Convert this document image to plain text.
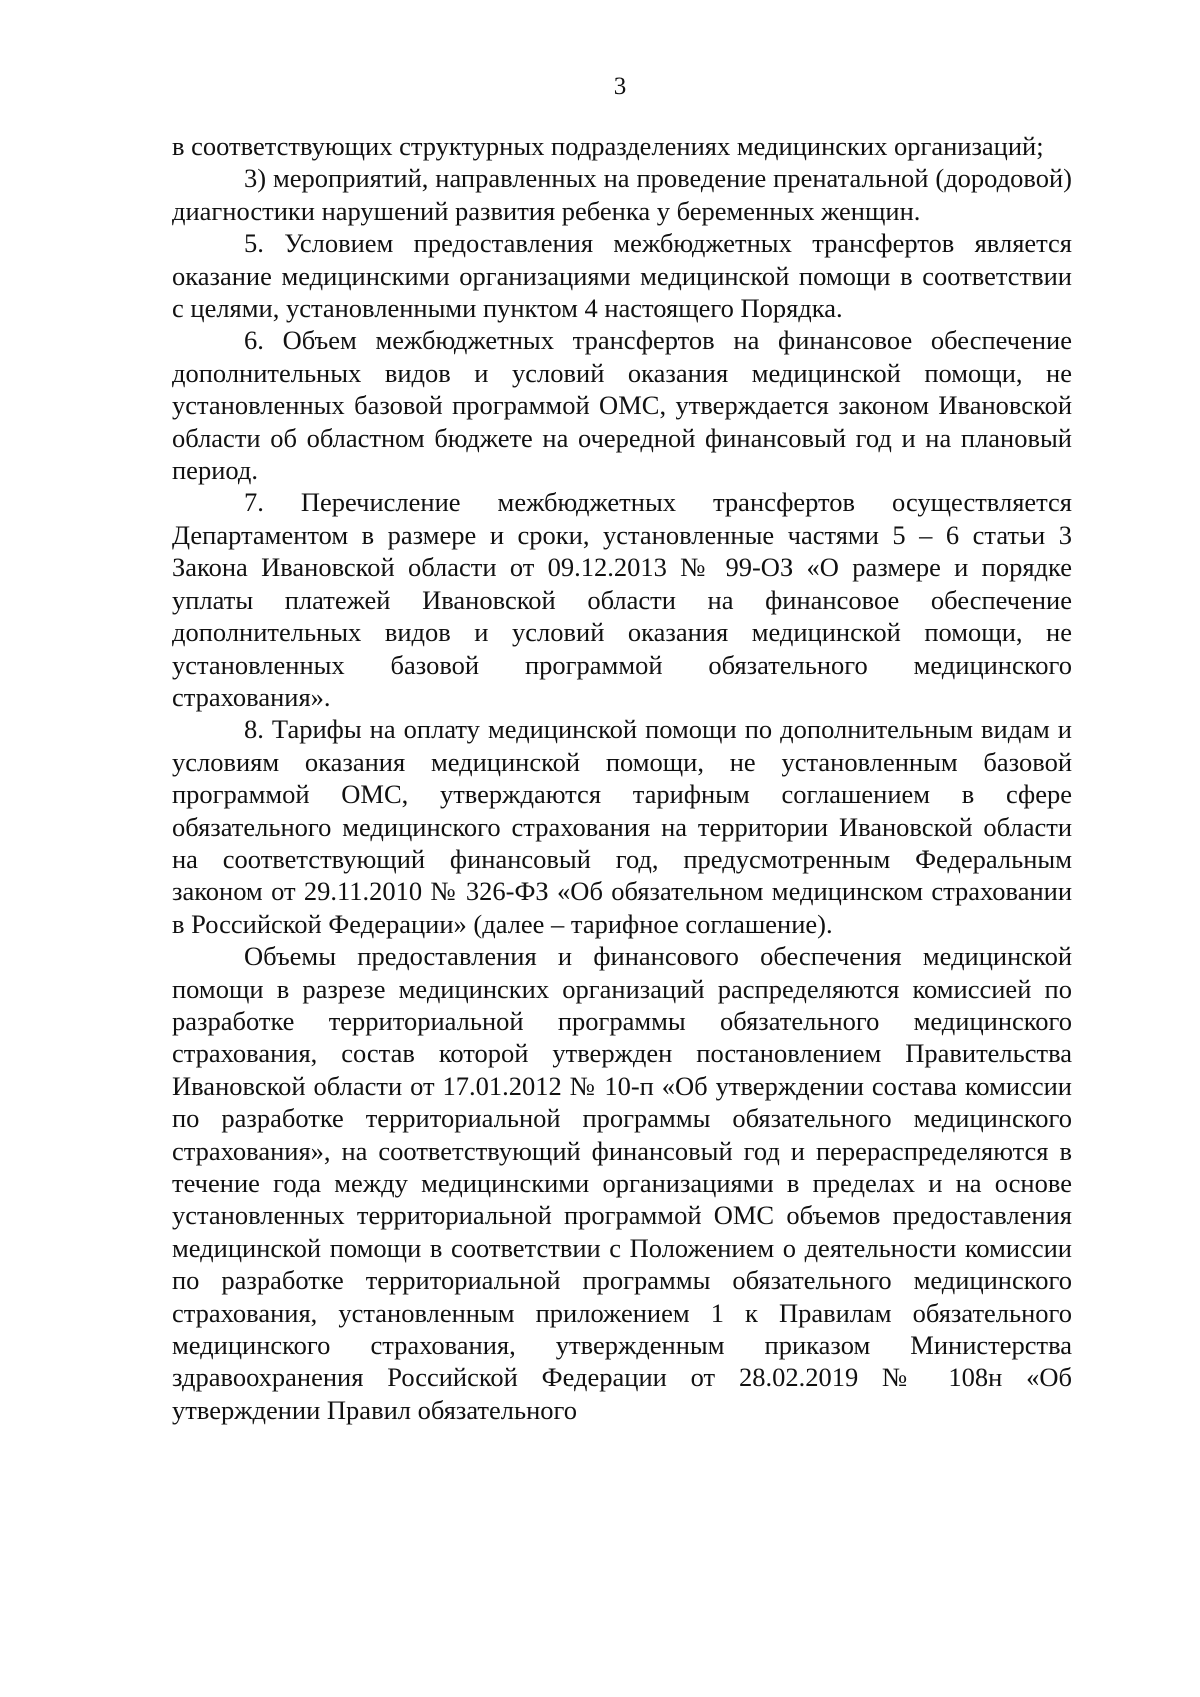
3

в соответствующих структурных подразделениях медицинских организаций;

3) мероприятий, направленных на проведение пренатальной (дородовой) диагностики нарушений развития ребенка у беременных женщин.

5. Условием предоставления межбюджетных трансфертов является оказание медицинскими организациями медицинской помощи в соответствии с целями, установленными пунктом 4 настоящего Порядка.

6. Объем межбюджетных трансфертов на финансовое обеспечение дополнительных видов и условий оказания медицинской помощи, не установленных базовой программой ОМС, утверждается законом Ивановской области об областном бюджете на очередной финансовый год и на плановый период.

7. Перечисление межбюджетных трансфертов осуществляется Департаментом в размере и сроки, установленные частями 5 – 6 статьи 3 Закона Ивановской области от 09.12.2013 № 99-ОЗ «О размере и порядке уплаты платежей Ивановской области на финансовое обеспечение дополнительных видов и условий оказания медицинской помощи, не установленных базовой программой обязательного медицинского страхования».

8. Тарифы на оплату медицинской помощи по дополнительным видам и условиям оказания медицинской помощи, не установленным базовой программой ОМС, утверждаются тарифным соглашением в сфере обязательного медицинского страхования на территории Ивановской области на соответствующий финансовый год, предусмотренным Федеральным законом от 29.11.2010 № 326-ФЗ «Об обязательном медицинском страховании в Российской Федерации» (далее – тарифное соглашение).

Объемы предоставления и финансового обеспечения медицинской помощи в разрезе медицинских организаций распределяются комиссией по разработке территориальной программы обязательного медицинского страхования, состав которой утвержден постановлением Правительства Ивановской области от 17.01.2012 № 10-п «Об утверждении состава комиссии по разработке территориальной программы обязательного медицинского страхования», на соответствующий финансовый год и перераспределяются в течение года между медицинскими организациями в пределах и на основе установленных территориальной программой ОМС объемов предоставления медицинской помощи в соответствии с Положением о деятельности комиссии по разработке территориальной программы обязательного медицинского страхования, установленным приложением 1 к Правилам обязательного медицинского страхования, утвержденным приказом Министерства здравоохранения Российской Федерации от 28.02.2019 № 108н «Об утверждении Правил обязательного
